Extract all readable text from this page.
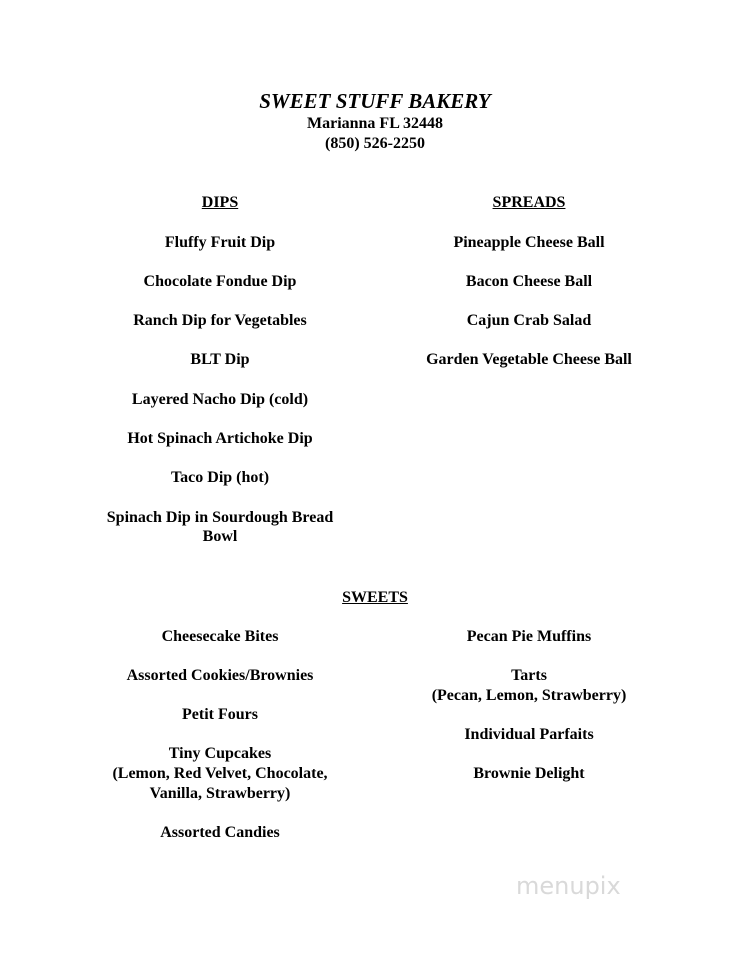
SWEET STUFF BAKERY
Marianna FL 32448
(850) 526-2250
DIPS
Fluffy Fruit Dip
Chocolate Fondue Dip
Ranch Dip for Vegetables
BLT Dip
Layered Nacho Dip (cold)
Hot Spinach Artichoke Dip
Taco Dip (hot)
Spinach Dip in Sourdough Bread
Bowl
SPREADS
Pineapple Cheese Ball
Bacon Cheese Ball
Cajun Crab Salad
Garden Vegetable Cheese Ball
SWEETS
Cheesecake Bites
Assorted Cookies/Brownies
Petit Fours
Tiny Cupcakes
(Lemon, Red Velvet, Chocolate,
Vanilla, Strawberry)
Assorted Candies
Pecan Pie Muffins
Tarts
(Pecan, Lemon, Strawberry)
Individual Parfaits
Brownie Delight
menupix
